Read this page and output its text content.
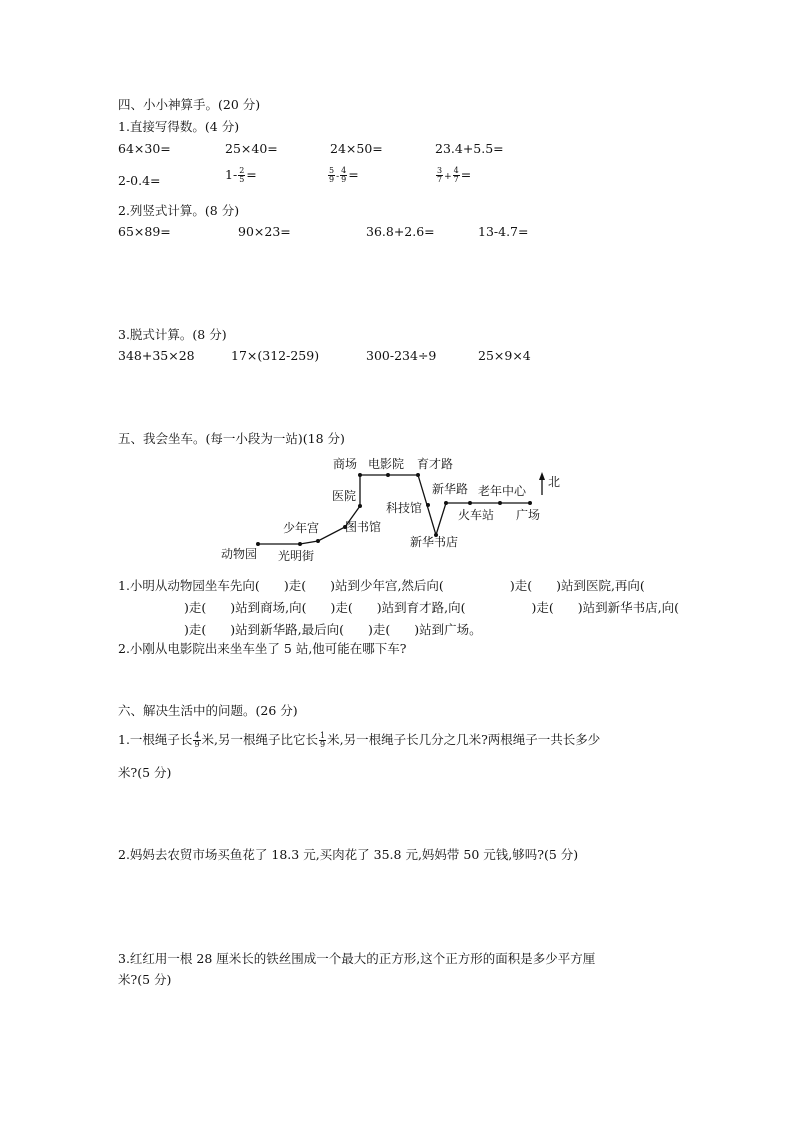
四、小小神算手。(20 分)
1.直接写得数。(4 分)
64×30=	25×40=	24×50=	23.4+5.5=
2-0.4=	$1- \frac{2}{5}$ =	$\frac{5}{9} - \frac{4}{9}$ =	$\frac{3}{7} + \frac{4}{7}$ =
2.列竖式计算。(8 分)
65×89=	90×23=	36.8+2.6=	13-4.7=
3.脱式计算。(8 分)
348+35×28	17×(312-259)	300-234÷9	25×9×4
五、我会坐车。(每一小段为一站)(18 分)
动物园 光明街
少年宫 图书馆
医院
商场 电影院 育才路
科技馆
新华书店
新华路 老年中心
火车站 广场
北
1.小明从动物园坐车先向( )走( )站到少年宫,然后向(	)走( )站到医院,再向()走( )站到商场,向( )走( )站到育才路,向(	)走( )站到新华书店,向()走( )站到新华路,最后向( )走( )站到广场。
2.小刚从电影院出来坐车坐了 5 站,他可能在哪下车?
六、解决生活中的问题。(26 分)
1.一根绳子长 $\frac{4}{9}$ 米,另一根绳子比它长 $\frac{1}{9}$ 米,另一根绳子长几分之几米?两根绳子一共长多少
米?(5 分)
2.妈妈去农贸市场买鱼花了 18.3 元,买肉花了 35.8 元,妈妈带 50 元钱,够吗?(5 分)
3.红红用一根 28 厘米长的铁丝围成一个最大的正方形,这个正方形的面积是多少平方厘
米?(5 分)
